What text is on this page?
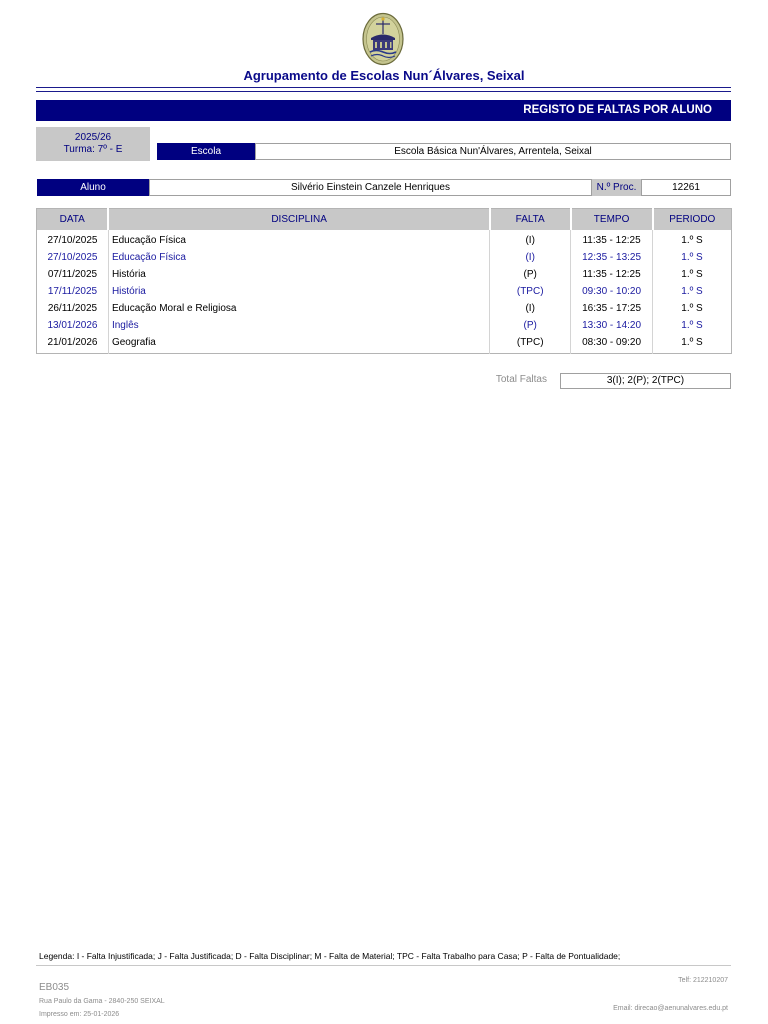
Agrupamento de Escolas Nun´Álvares, Seixal
REGISTO DE FALTAS POR ALUNO
2025/26
Turma: 7º - E	Escola	Escola Básica Nun'Álvares, Arrentela, Seixal
Aluno	Silvério Einstein Canzele Henriques	N.º Proc.	12261
DATA	DISCIPLINA	FALTA	TEMPO	PERIODO
27/10/2025	Educação Física	(I)	11:35 - 12:25	1.º S
27/10/2025	Educação Física	(I)	12:35 - 13:25	1.º S
07/11/2025	História	(P)	11:35 - 12:25	1.º S
17/11/2025	História	(TPC)	09:30 - 10:20	1.º S
26/11/2025	Educação Moral e Religiosa	(I)	16:35 - 17:25	1.º S
13/01/2026	Inglês	(P)	13:30 - 14:20	1.º S
21/01/2026	Geografia	(TPC)	08:30 - 09:20	1.º S
Total Faltas	3(I); 2(P); 2(TPC)
Legenda: I - Falta Injustificada; J - Falta Justificada; D - Falta Disciplinar; M - Falta de Material; TPC - Falta Trabalho para Casa; P - Falta de Pontualidade;
EB035
Rua Paulo da Gama - 2840-250 SEIXAL
Impresso em: 25-01-2026
Telf: 212210207
Email: direcao@aenunalvares.edu.pt
